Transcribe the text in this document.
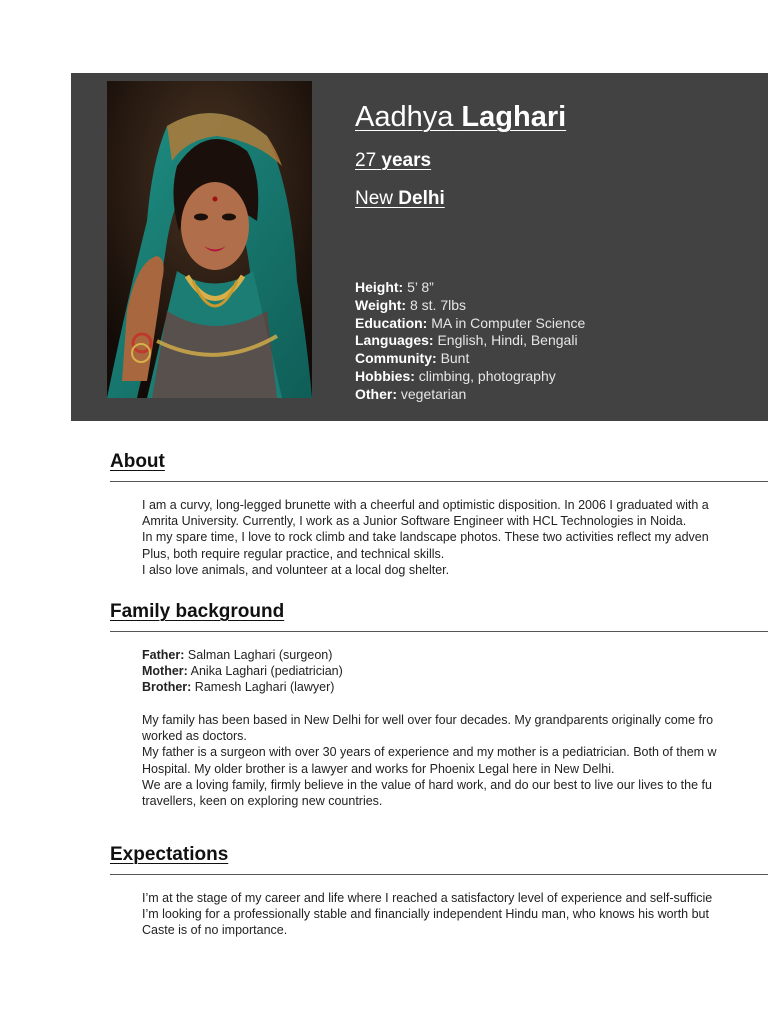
Aadhya Laghari
27 years
New Delhi
Height: 5’ 8”
Weight: 8 st. 7lbs
Education: MA in Computer Science
Languages: English, Hindi, Bengali
Community: Bunt
Hobbies: climbing, photography
Other: vegetarian
About
I am a curvy, long-legged brunette with a cheerful and optimistic disposition. In 2006 I graduated with a
Amrita University. Currently, I work as a Junior Software Engineer with HCL Technologies in Noida.
In my spare time, I love to rock climb and take landscape photos. These two activities reflect my adven
Plus, both require regular practice, and technical skills.
I also love animals, and volunteer at a local dog shelter.
Family background
Father: Salman Laghari (surgeon)
Mother: Anika Laghari (pediatrician)
Brother: Ramesh Laghari (lawyer)
My family has been based in New Delhi for well over four decades. My grandparents originally come fro
worked as doctors.
My father is a surgeon with over 30 years of experience and my mother is a pediatrician. Both of them w
Hospital. My older brother is a lawyer and works for Phoenix Legal here in New Delhi.
We are a loving family, firmly believe in the value of hard work, and do our best to live our lives to the fu
travellers, keen on exploring new countries.
Expectations
I’m at the stage of my career and life where I reached a satisfactory level of experience and self-sufficie
I’m looking for a professionally stable and financially independent Hindu man, who knows his worth but
Caste is of no importance.
